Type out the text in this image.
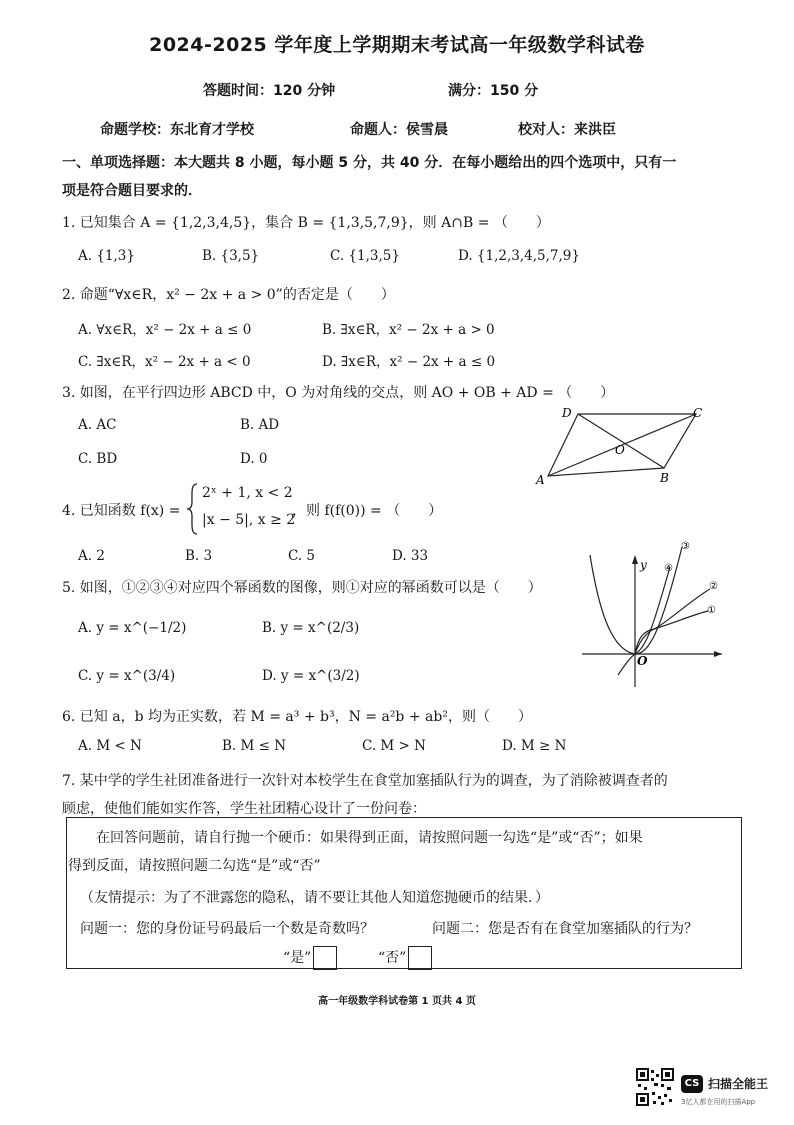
2024-2025 学年度上学期期末考试高一年级数学科试卷
答题时间：120 分钟	满分：150 分
命题学校：东北育才学校	命题人：侯雪晨	校对人：来洪臣
一、单项选择题：本大题共 8 小题，每小题 5 分，共 40 分．在每小题给出的四个选项中，只有一
项是符合题目要求的．
1. 已知集合 A = {1,2,3,4,5}，集合 B = {1,3,5,7,9}，则 A∩B = （　　）
A. {1,3}	B. {3,5}	C. {1,3,5}	D. {1,2,3,4,5,7,9}
2. 命题“∀x∈R，x² − 2x + a > 0”的否定是（　　）
A. ∀x∈R，x² − 2x + a ≤ 0	B. ∃x∈R，x² − 2x + a > 0
C. ∃x∈R，x² − 2x + a < 0	D. ∃x∈R，x² − 2x + a ≤ 0
3. 如图，在平行四边形 ABCD 中，O 为对角线的交点，则 AO + OB + AD = （　　）
A. AC	B. AD
C. BD	D. 0
A	B
C
D
O
4. 已知函数 f(x) =
2ˣ + 1, x < 2
|x − 5|, x ≥ 2
，则 f(f(0)) = （　　）
A. 2	B. 3	C. 5	D. 33
5. 如图，①②③④对应四个幂函数的图像，则①对应的幂函数可以是（　　）
A. y = x^(−1/2)	B. y = x^(2/3)
C. y = x^(3/4)	D. y = x^(3/2)
y
O
③
④
②
①
6. 已知 a，b 均为正实数，若 M = a³ + b³，N = a²b + ab²，则（　　）
A. M < N	B. M ≤ N	C. M > N	D. M ≥ N
7. 某中学的学生社团准备进行一次针对本校学生在食堂加塞插队行为的调查，为了消除被调查者的
顾虑，使他们能如实作答，学生社团精心设计了一份问卷：
在回答问题前，请自行抛一个硬币：如果得到正面，请按照问题一勾选“是”或“否”；如果
得到反面，请按照问题二勾选“是”或“否”
（友情提示：为了不泄露您的隐私，请不要让其他人知道您抛硬币的结果．）
问题一：您的身份证号码最后一个数是奇数吗？	问题二：您是否有在食堂加塞插队的行为？
“是”	“否”
高一年级数学科试卷第 1 页共 4 页
CS 扫描全能王
3亿人都在用的扫描App
